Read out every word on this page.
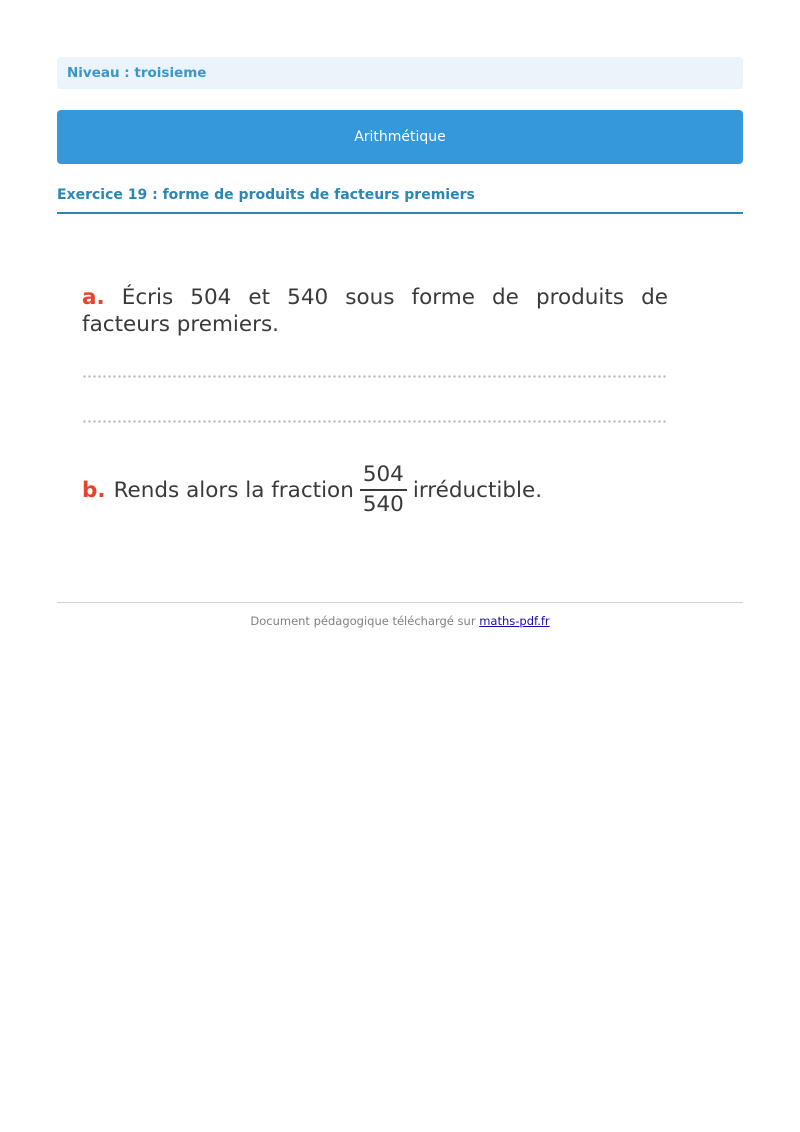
Niveau : troisieme
Arithmétique
Exercice 19 : forme de produits de facteurs premiers

a. Écris 504 et 540 sous forme de produits de facteurs premiers.

b. Rends alors la fraction $\frac{504}{540}$ irréductible.
Document pédagogique téléchargé sur maths-pdf.fr
